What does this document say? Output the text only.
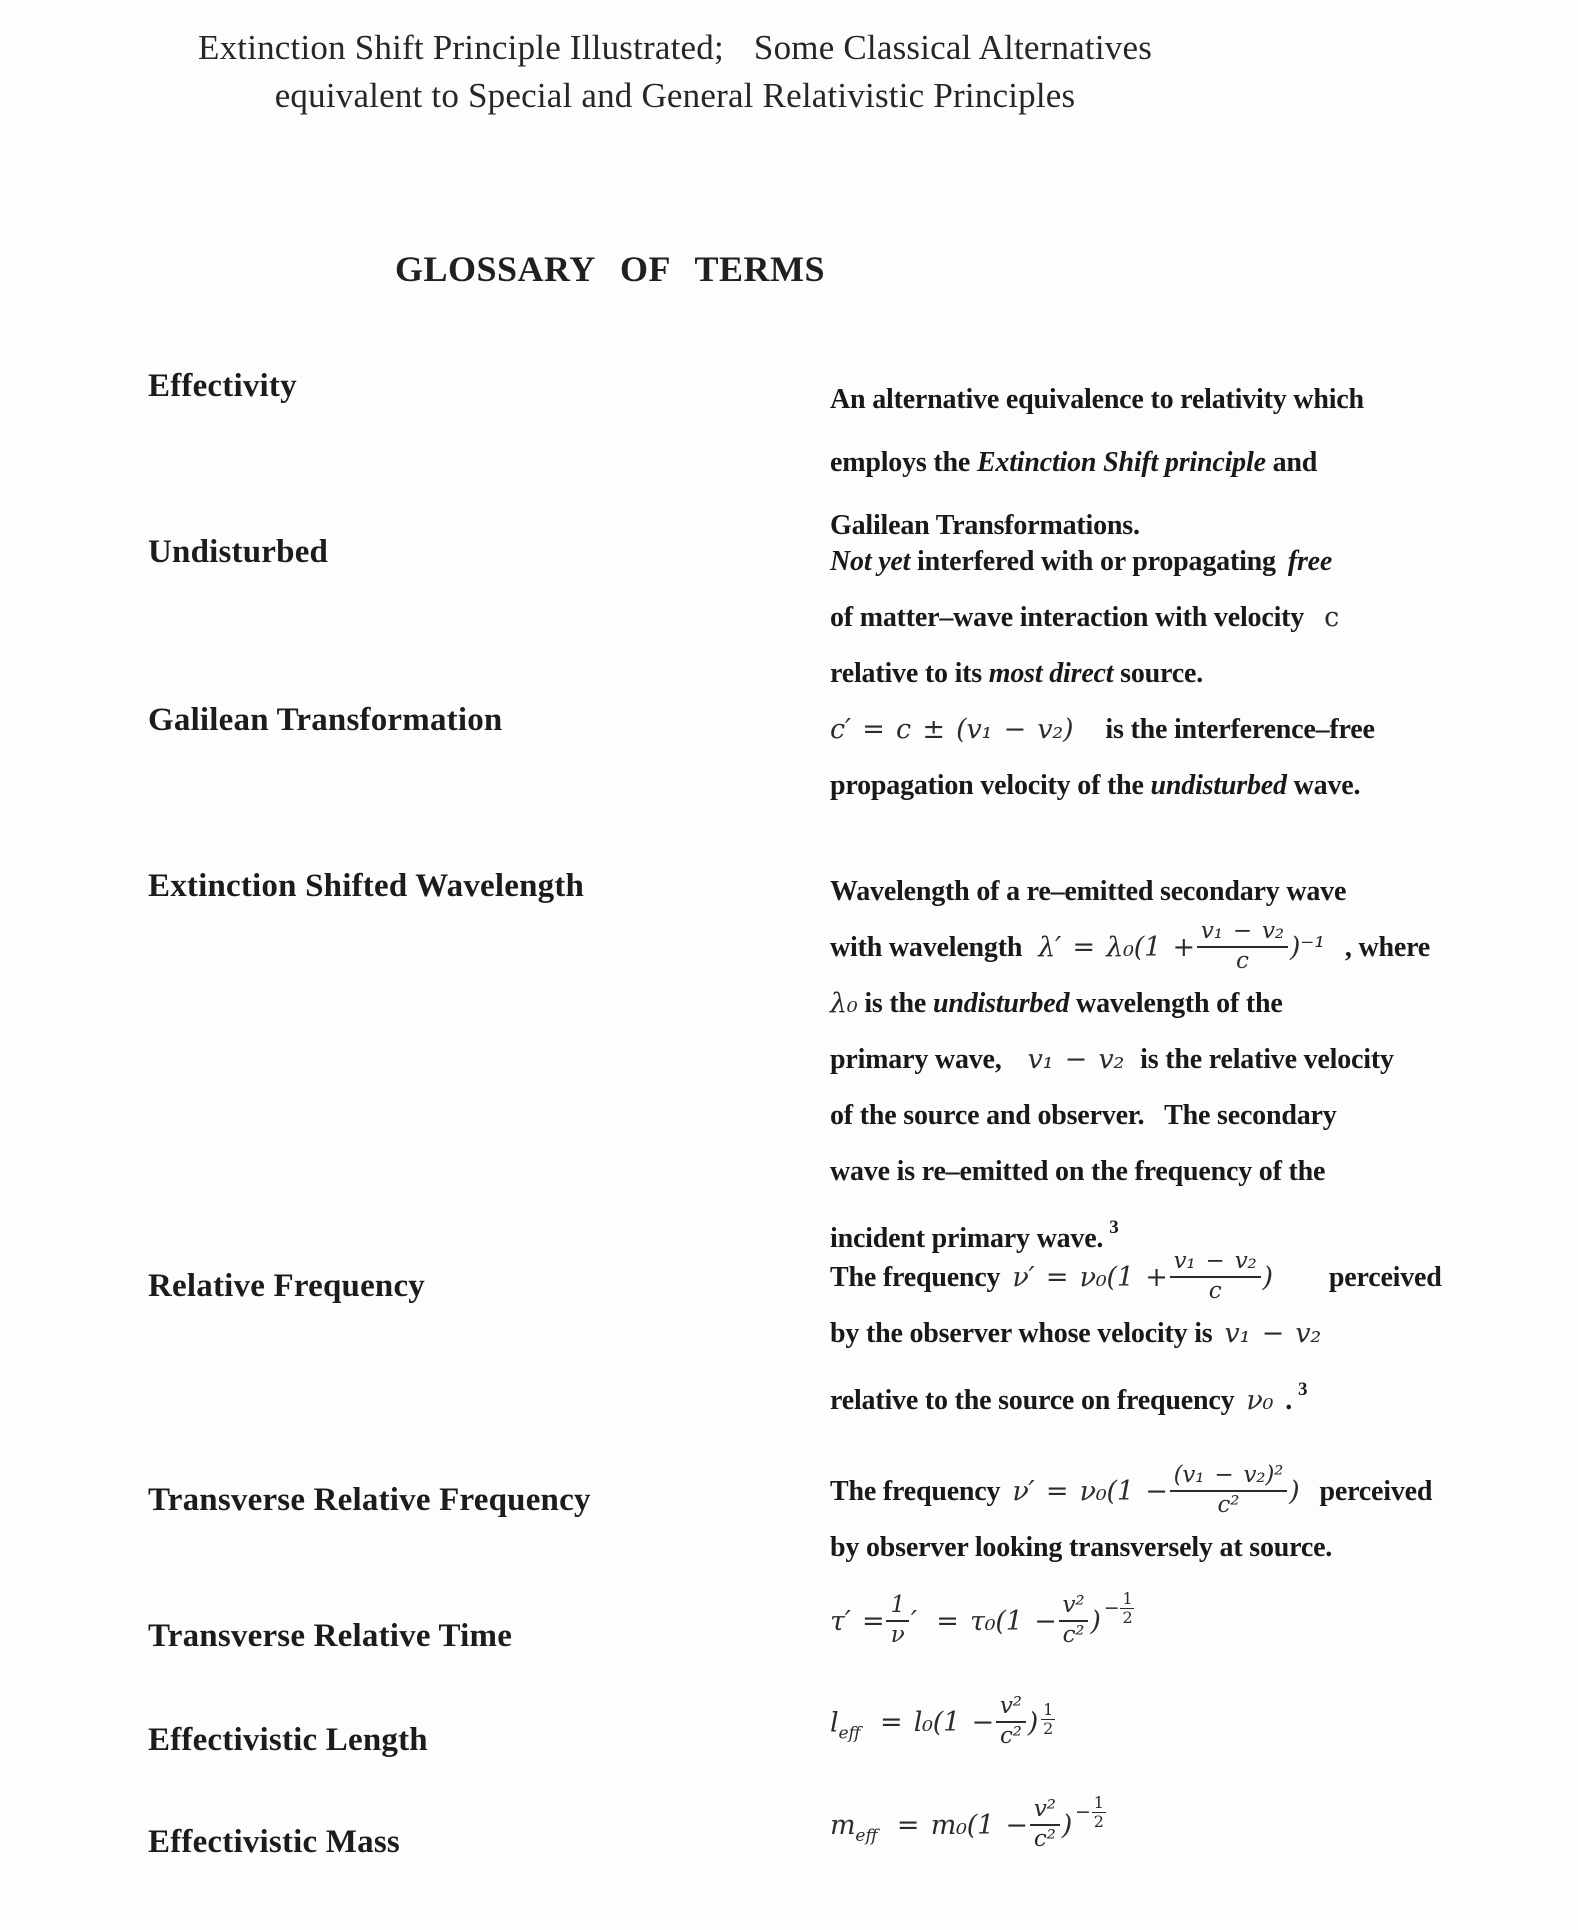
Extinction Shift Principle Illustrated; Some Classical Alternatives
equivalent to Special and General Relativistic Principles
GLOSSARY OF TERMS
Effectivity	An alternative equivalence to relativity which
employs the Extinction Shift principle and
Galilean Transformations.
Undisturbed	Not yet interfered with or propagating free
of matter–wave interaction with velocity c
relative to its most direct source.
Galilean Transformation	c′ = c ± (v₁ − v₂) is the interference–free
propagation velocity of the undisturbed wave.
Extinction Shifted Wavelength	Wavelength of a re–emitted secondary wave
with wavelength $\lambda' = \lambda_0(1 + \frac{\text{v₁ − v₂}}{c} )^{-1}$ , where
λ₀ is the undisturbed wavelength of the
primary wave, v₁ − v₂ is the relative velocity
of the source and observer.   The secondary
wave is re–emitted on the frequency of the
incident primary wave. $^3$
Relative Frequency	The frequency $\nu' = \nu_0(1 + \frac{\text{v₁ − v₂}}{c}$ ) perceived
by the observer whose velocity is v₁ − v₂
relative to the source on frequency ν₀ . $^3$
Transverse Relative Frequency	The frequency $\nu' = \nu_0(1 - \frac{\text{(v₁ − v₂)²}}{\text{c²}}$ ) perceived
by observer looking transversely at source.
Transverse Relative Time	$\tau' = \frac{1}{\nu}$ ′ = $\tau_0(1 - \frac{\text{v²}}{\text{c²}}$ ) − $\frac{1}{2}$
Effectivistic Length	$l_{eff} = l_0(1 - \frac{\text{v²}}{\text{c²}}$ ) $\frac{1}{2}$
Effectivistic Mass	$m_{eff} = m_0(1 - \frac{\text{v²}}{\text{c²}}$ ) − $\frac{1}{2}$
